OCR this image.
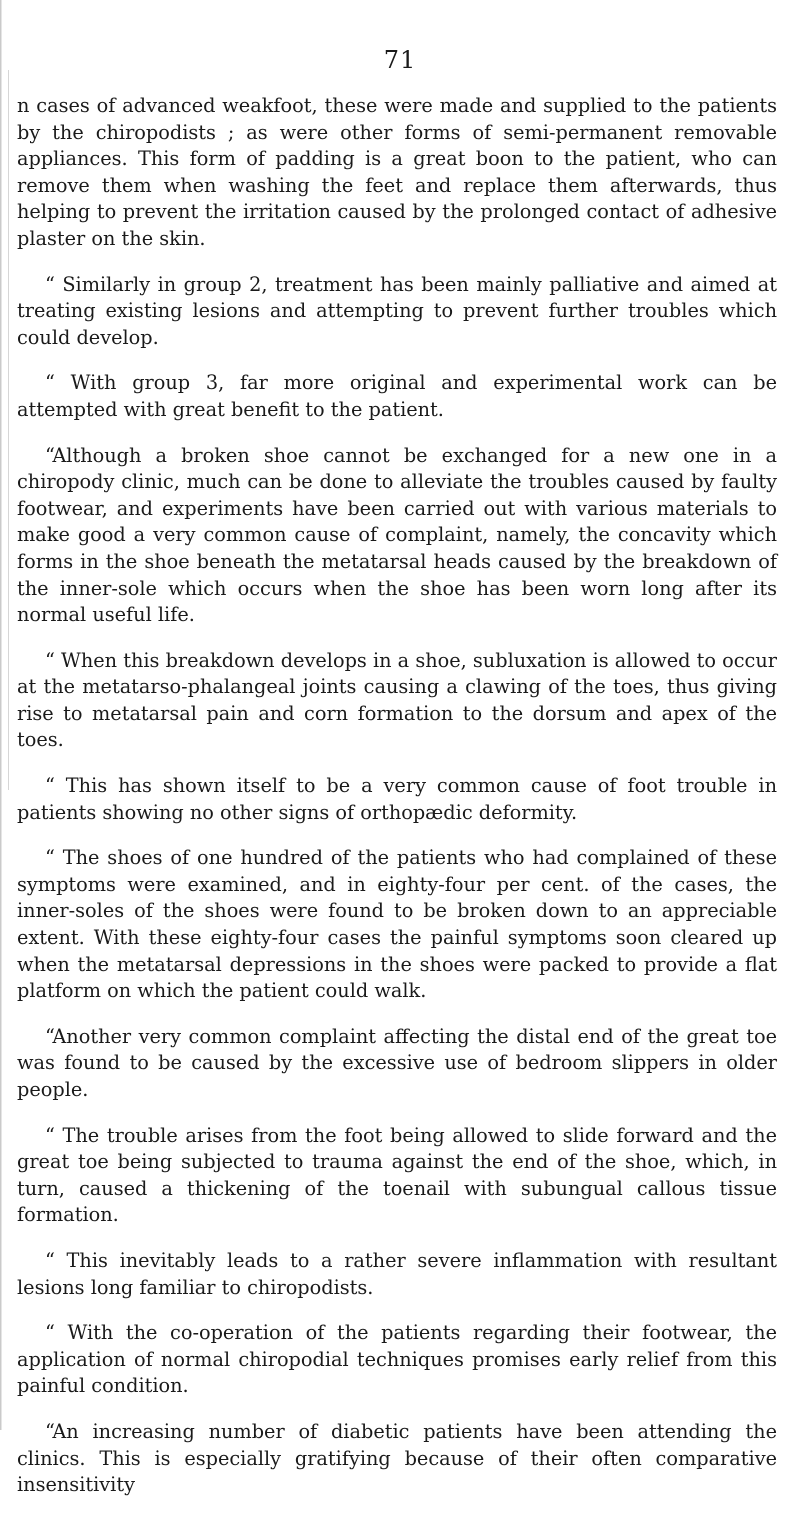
71

n cases of advanced weakfoot, these were made and supplied to the patients by the chiropodists ; as were other forms of semi-permanent removable appliances. This form of padding is a great boon to the patient, who can remove them when washing the feet and replace them afterwards, thus helping to prevent the irritation caused by the prolonged contact of adhesive plaster on the skin.

“ Similarly in group 2, treatment has been mainly palliative and aimed at treating existing lesions and attempting to prevent further troubles which could develop.

“ With group 3, far more original and experimental work can be attempted with great benefit to the patient.

“Although a broken shoe cannot be exchanged for a new one in a chiropody clinic, much can be done to alleviate the troubles caused by faulty footwear, and experiments have been carried out with various materials to make good a very common cause of complaint, namely, the concavity which forms in the shoe beneath the metatarsal heads caused by the breakdown of the inner-sole which occurs when the shoe has been worn long after its normal useful life.

“ When this breakdown develops in a shoe, subluxation is allowed to occur at the metatarso-phalangeal joints causing a clawing of the toes, thus giving rise to metatarsal pain and corn formation to the dorsum and apex of the toes.

“ This has shown itself to be a very common cause of foot trouble in patients showing no other signs of orthopædic deformity.

“ The shoes of one hundred of the patients who had complained of these symptoms were examined, and in eighty-four per cent. of the cases, the inner-soles of the shoes were found to be broken down to an appreciable extent. With these eighty-four cases the painful symptoms soon cleared up when the metatarsal depressions in the shoes were packed to provide a flat platform on which the patient could walk.

“Another very common complaint affecting the distal end of the great toe was found to be caused by the excessive use of bedroom slippers in older people.

“ The trouble arises from the foot being allowed to slide forward and the great toe being subjected to trauma against the end of the shoe, which, in turn, caused a thickening of the toenail with subungual callous tissue formation.

“ This inevitably leads to a rather severe inflammation with resultant lesions long familiar to chiropodists.

“ With the co-operation of the patients regarding their footwear, the application of normal chiropodial techniques promises early relief from this painful condition.

“An increasing number of diabetic patients have been attending the clinics. This is especially gratifying because of their often comparative insensitivity
